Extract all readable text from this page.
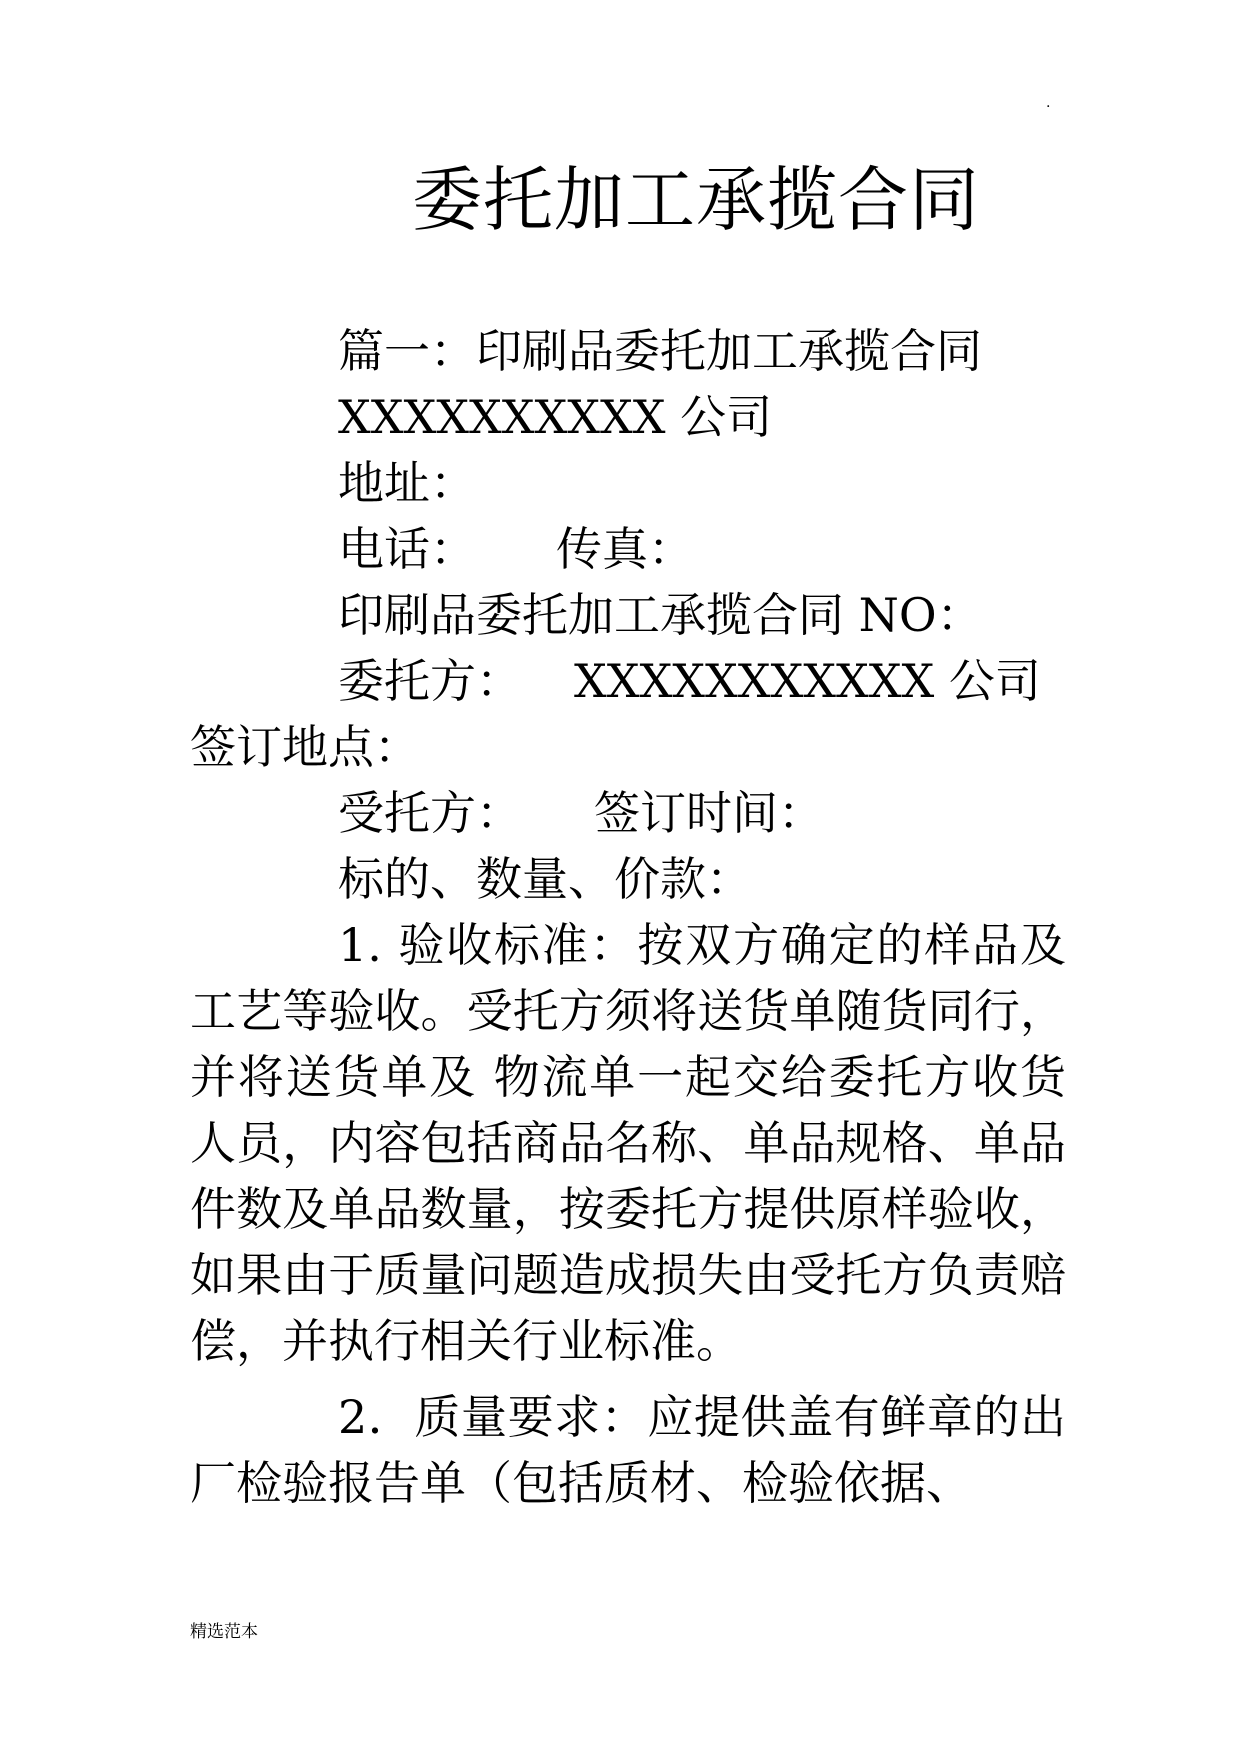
.
委托加工承揽合同
篇一：印刷品委托加工承揽合同
XXXXXXXXXX 公司
地址：
电话： 传真：
印刷品委托加工承揽合同 NO：
委托方： XXXXXXXXXXX 公司
签订地点：
受托方： 签订时间：
标的、数量、价款：

1. 验收标准：按双方确定的样品及工艺等验收。受托方须将送货单随货同行，并将送货单及 物流单一起交给委托方收货人员，内容包括商品名称、单品规格、单品件数及单品数量，按委托方提供原样验收，如果由于质量问题造成损失由受托方负责赔偿，并执行相关行业标准。

2．质量要求：应提供盖有鲜章的出厂检验报告单（包括质材、检验依据、

精选范本
